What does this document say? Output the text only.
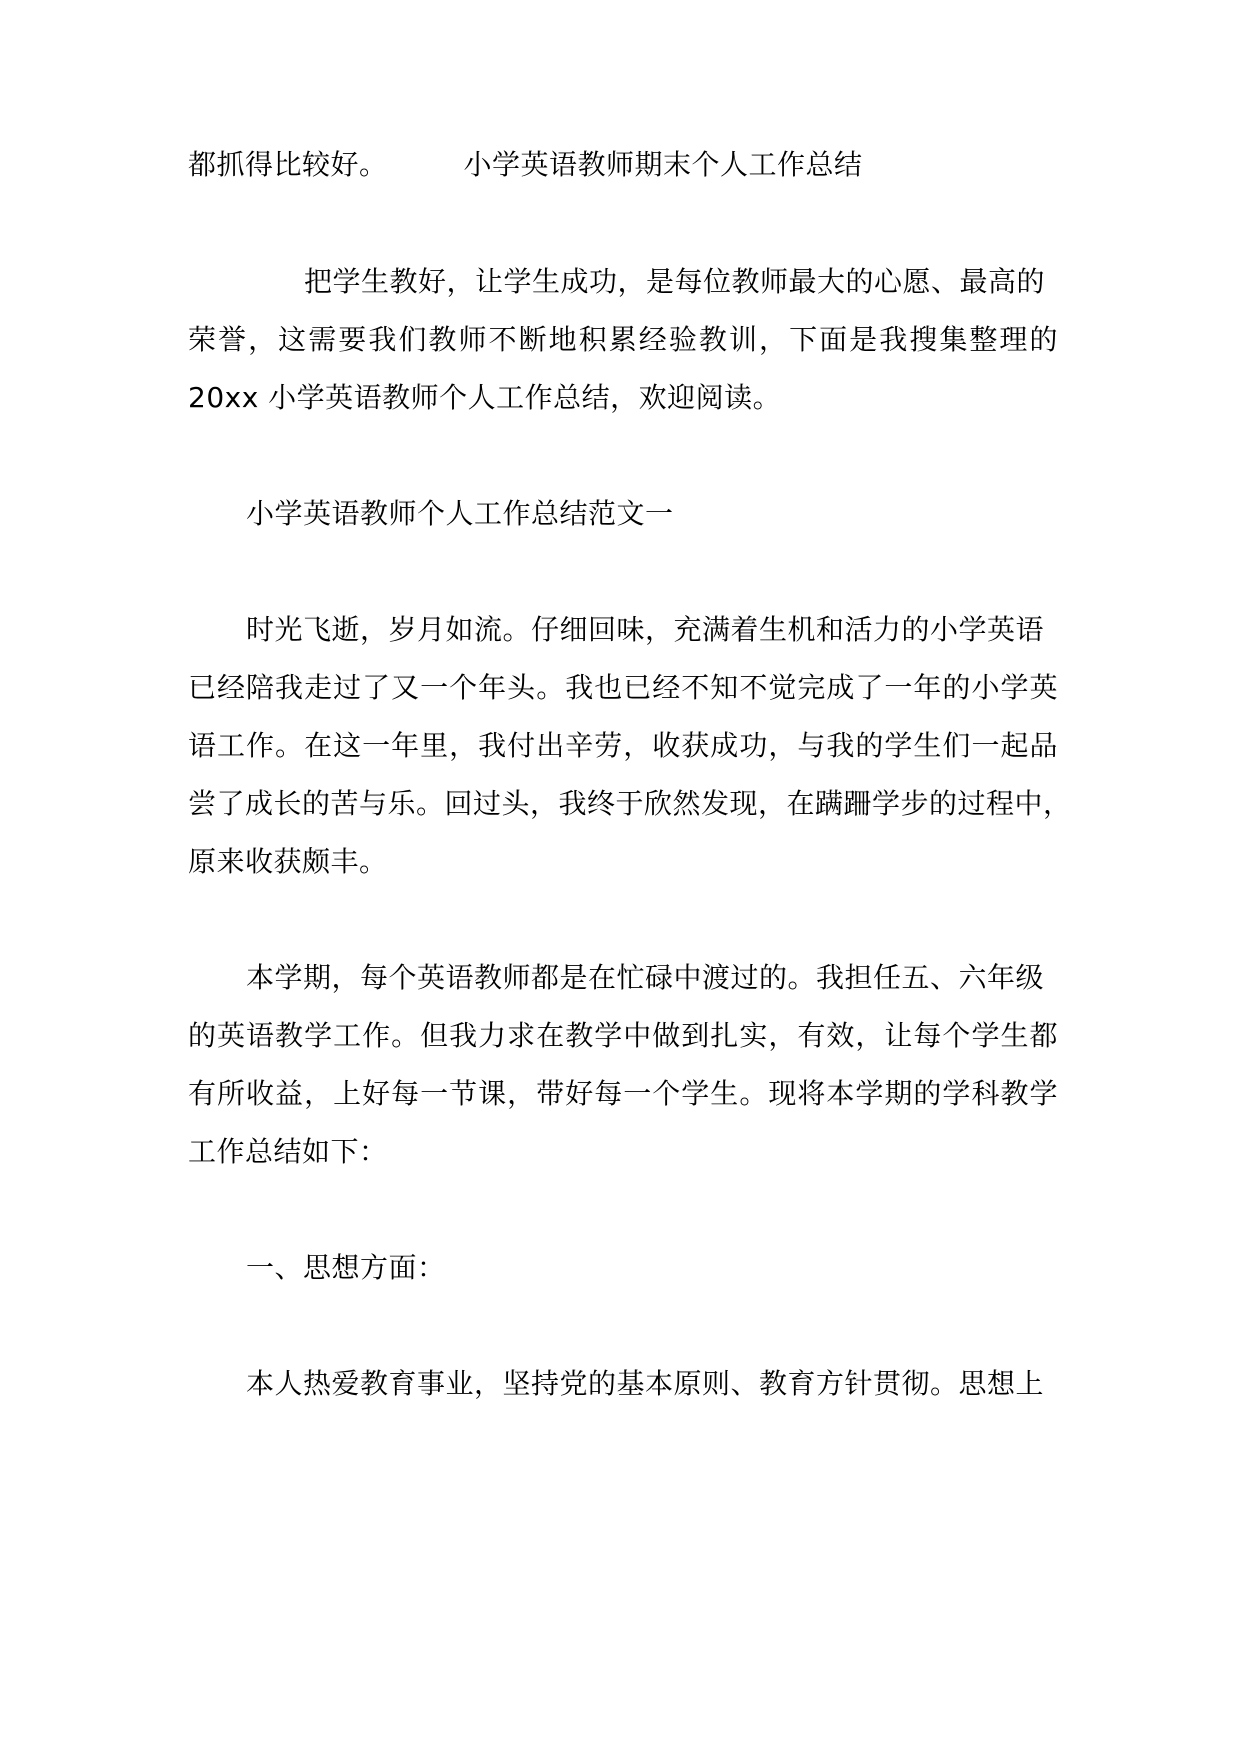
都抓得比较好。	小学英语教师期末个人工作总结
把学生教好，让学生成功，是每位教师最大的心愿、最高的
荣誉，这需要我们教师不断地积累经验教训，下面是我搜集整理的
20xx 小学英语教师个人工作总结，欢迎阅读。
小学英语教师个人工作总结范文一
时光飞逝，岁月如流。仔细回味，充满着生机和活力的小学英语
已经陪我走过了又一个年头。我也已经不知不觉完成了一年的小学英
语工作。在这一年里，我付出辛劳，收获成功，与我的学生们一起品
尝了成长的苦与乐。回过头，我终于欣然发现，在蹒跚学步的过程中，
原来收获颇丰。
本学期，每个英语教师都是在忙碌中渡过的。我担任五、六年级
的英语教学工作。但我力求在教学中做到扎实，有效，让每个学生都
有所收益，上好每一节课，带好每一个学生。现将本学期的学科教学
工作总结如下：
一、思想方面：
本人热爱教育事业，坚持党的基本原则、教育方针贯彻。思想上
